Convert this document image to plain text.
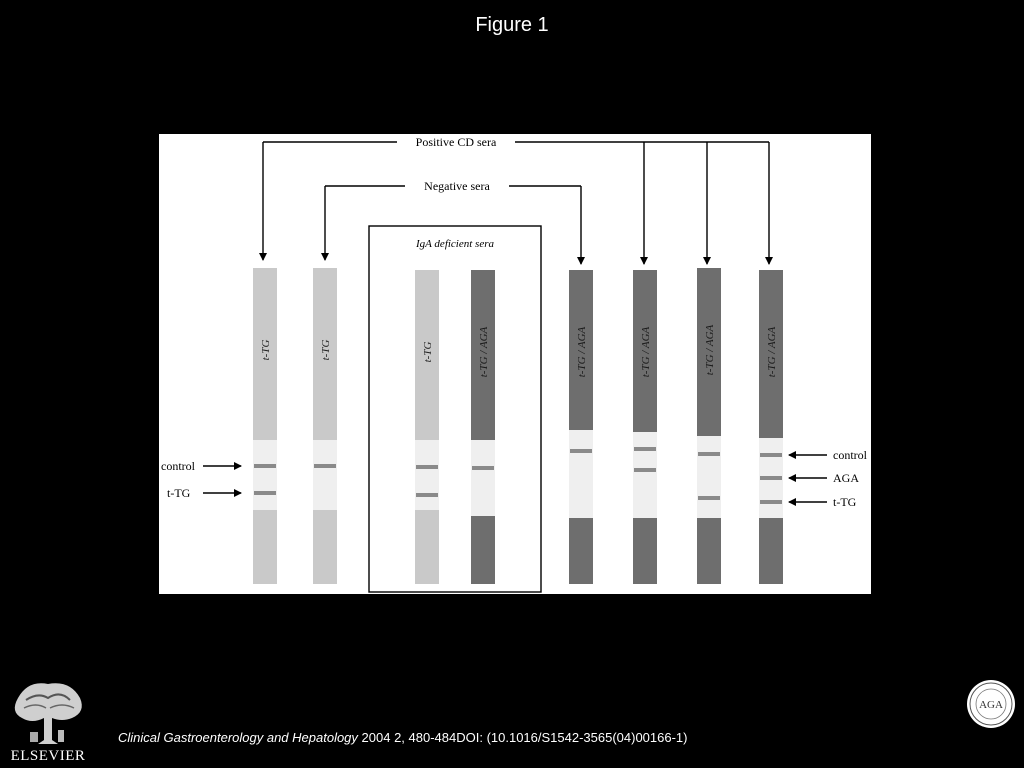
Figure 1
Positive CD sera
Negative sera
IgA deficient sera
t-TG	t-TG	t-TG	t-TG / AGA	t-TG / AGA	t-TG / AGA	t-TG / AGA	t-TG / AGA
control
t-TG
control
AGA
t-TG
ELSEVIER
Clinical Gastroenterology and Hepatology 2004 2, 480-484DOI: (10.1016/S1542-3565(04)00166-1)
AGA
